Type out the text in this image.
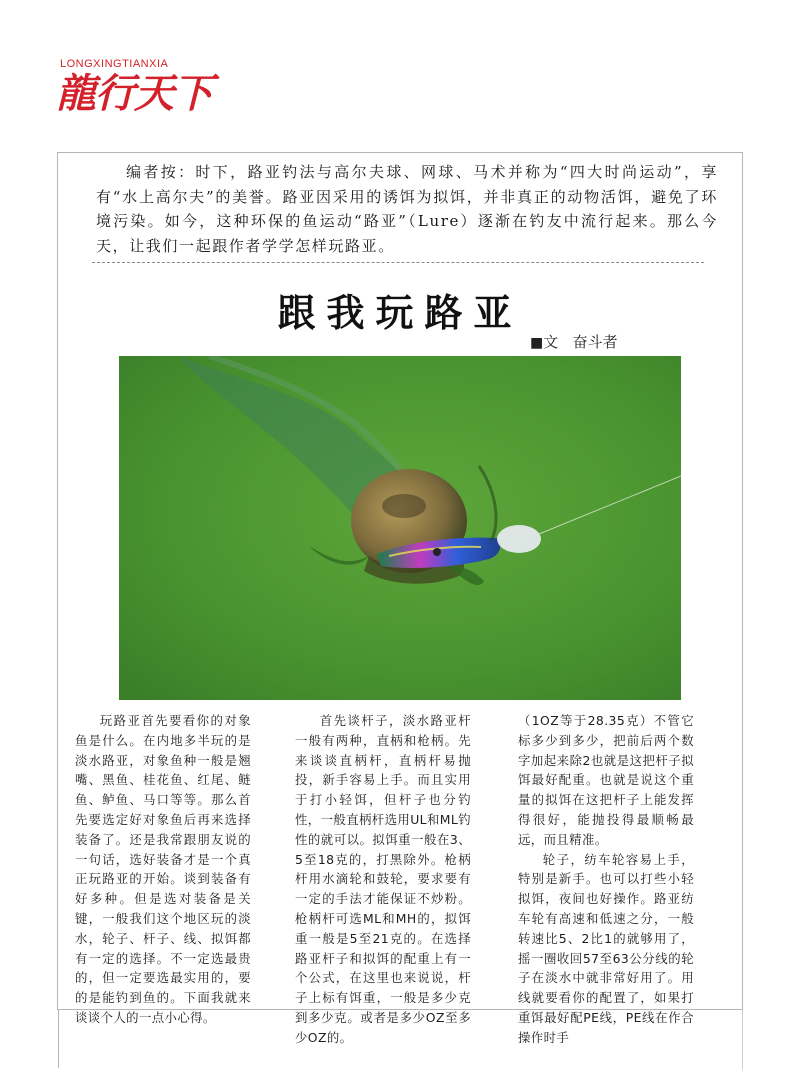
LONGXINGTIANXIA
龍行天下
编者按：时下，路亚钓法与高尔夫球、网球、马术并称为“四大时尚运动”，享有“水上高尔夫”的美誉。路亚因采用的诱饵为拟饵，并非真正的动物活饵，避免了环境污染。如今，这种环保的鱼运动“路亚”（Lure）逐渐在钓友中流行起来。那么今天，让我们一起跟作者学学怎样玩路亚。
跟我玩路亚
■文 奋斗者

玩路亚首先要看你的对象鱼是什么。在内地多半玩的是淡水路亚，对象鱼种一般是翘嘴、黑鱼、桂花鱼、红尾、鲢鱼、鲈鱼、马口等等。那么首先要选定好对象鱼后再来选择装备了。还是我常跟朋友说的一句话，选好装备才是一个真正玩路亚的开始。谈到装备有好多种。但是选对装备是关键，一般我们这个地区玩的淡水，轮子、杆子、线、拟饵都有一定的选择。不一定选最贵的，但一定要选最实用的，要的是能钓到鱼的。下面我就来谈谈个人的一点小心得。

首先谈杆子，淡水路亚杆一般有两种，直柄和枪柄。先来谈谈直柄杆，直柄杆易抛投，新手容易上手。而且实用于打小轻饵，但杆子也分钓性，一般直柄杆选用UL和ML钓性的就可以。拟饵重一般在3、5至18克的，打黑除外。枪柄杆用水滴轮和鼓轮，要求要有一定的手法才能保证不炒粉。枪柄杆可选ML和MH的，拟饵重一般是5至21克的。在选择路亚杆子和拟饵的配重上有一个公式，在这里也来说说，杆子上标有饵重，一般是多少克到多少克。或者是多少OZ至多少OZ的。

（1OZ等于28.35克）不管它标多少到多少，把前后两个数字加起来除2也就是这把杆子拟饵最好配重。也就是说这个重量的拟饵在这把杆子上能发挥得很好，能抛投得最顺畅最远，而且精准。

轮子，纺车轮容易上手，特别是新手。也可以打些小轻拟饵，夜间也好操作。路亚纺车轮有高速和低速之分，一般转速比5、2比1的就够用了，摇一圈收回57至63公分线的轮子在淡水中就非常好用了。用线就要看你的配置了，如果打重饵最好配PE线，PE线在作合操作时手
